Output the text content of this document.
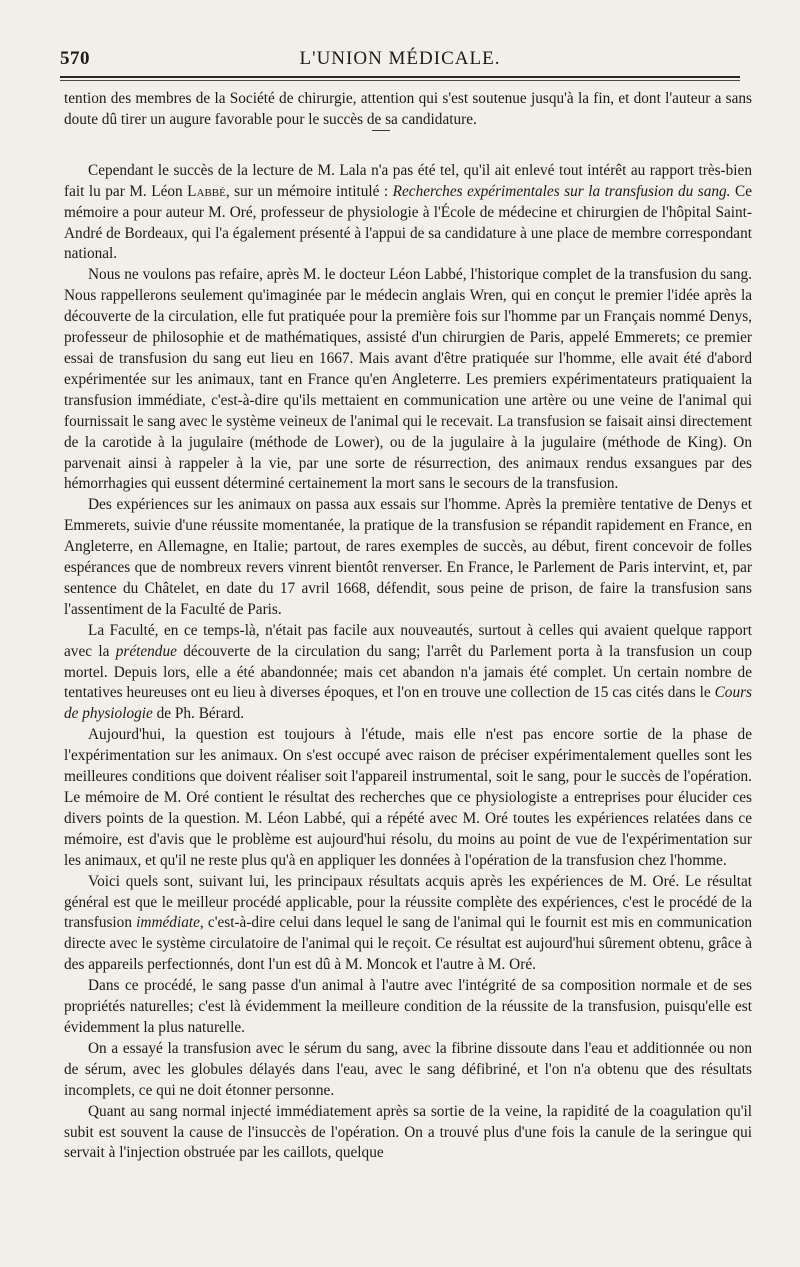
570	L'UNION MÉDICALE.

tention des membres de la Société de chirurgie, attention qui s'est soutenue jusqu'à la fin, et dont l'auteur a sans doute dû tirer un augure favorable pour le succès de sa candidature.

Cependant le succès de la lecture de M. Lala n'a pas été tel, qu'il ait enlevé tout intérêt au rapport très-bien fait lu par M. Léon Labbé, sur un mémoire intitulé : Recherches expérimentales sur la transfusion du sang. Ce mémoire a pour auteur M. Oré, professeur de physiologie à l'École de médecine et chirurgien de l'hôpital Saint-André de Bordeaux, qui l'a également présenté à l'appui de sa candidature à une place de membre correspondant national.

Nous ne voulons pas refaire, après M. le docteur Léon Labbé, l'historique complet de la transfusion du sang. Nous rappellerons seulement qu'imaginée par le médecin anglais Wren, qui en conçut le premier l'idée après la découverte de la circulation, elle fut pratiquée pour la première fois sur l'homme par un Français nommé Denys, professeur de philosophie et de mathématiques, assisté d'un chirurgien de Paris, appelé Emmerets; ce premier essai de transfusion du sang eut lieu en 1667. Mais avant d'être pratiquée sur l'homme, elle avait été d'abord expérimentée sur les animaux, tant en France qu'en Angleterre. Les premiers expérimentateurs pratiquaient la transfusion immédiate, c'est-à-dire qu'ils mettaient en communication une artère ou une veine de l'animal qui fournissait le sang avec le système veineux de l'animal qui le recevait. La transfusion se faisait ainsi directement de la carotide à la jugulaire (méthode de Lower), ou de la jugulaire à la jugulaire (méthode de King). On parvenait ainsi à rappeler à la vie, par une sorte de résurrection, des animaux rendus exsangues par des hémorrhagies qui eussent déterminé certainement la mort sans le secours de la transfusion.

Des expériences sur les animaux on passa aux essais sur l'homme. Après la première tentative de Denys et Emmerets, suivie d'une réussite momentanée, la pratique de la transfusion se répandit rapidement en France, en Angleterre, en Allemagne, en Italie; partout, de rares exemples de succès, au début, firent concevoir de folles espérances que de nombreux revers vinrent bientôt renverser. En France, le Parlement de Paris intervint, et, par sentence du Châtelet, en date du 17 avril 1668, défendit, sous peine de prison, de faire la transfusion sans l'assentiment de la Faculté de Paris.

La Faculté, en ce temps-là, n'était pas facile aux nouveautés, surtout à celles qui avaient quelque rapport avec la prétendue découverte de la circulation du sang; l'arrêt du Parlement porta à la transfusion un coup mortel. Depuis lors, elle a été abandonnée; mais cet abandon n'a jamais été complet. Un certain nombre de tentatives heureuses ont eu lieu à diverses époques, et l'on en trouve une collection de 15 cas cités dans le Cours de physiologie de Ph. Bérard.

Aujourd'hui, la question est toujours à l'étude, mais elle n'est pas encore sortie de la phase de l'expérimentation sur les animaux. On s'est occupé avec raison de préciser expérimentalement quelles sont les meilleures conditions que doivent réaliser soit l'appareil instrumental, soit le sang, pour le succès de l'opération. Le mémoire de M. Oré contient le résultat des recherches que ce physiologiste a entreprises pour élucider ces divers points de la question. M. Léon Labbé, qui a répété avec M. Oré toutes les expériences relatées dans ce mémoire, est d'avis que le problème est aujourd'hui résolu, du moins au point de vue de l'expérimentation sur les animaux, et qu'il ne reste plus qu'à en appliquer les données à l'opération de la transfusion chez l'homme.

Voici quels sont, suivant lui, les principaux résultats acquis après les expériences de M. Oré. Le résultat général est que le meilleur procédé applicable, pour la réussite complète des expériences, c'est le procédé de la transfusion immédiate, c'est-à-dire celui dans lequel le sang de l'animal qui le fournit est mis en communication directe avec le système circulatoire de l'animal qui le reçoit. Ce résultat est aujourd'hui sûrement obtenu, grâce à des appareils perfectionnés, dont l'un est dû à M. Moncok et l'autre à M. Oré.

Dans ce procédé, le sang passe d'un animal à l'autre avec l'intégrité de sa composition normale et de ses propriétés naturelles; c'est là évidemment la meilleure condition de la réussite de la transfusion, puisqu'elle est évidemment la plus naturelle.

On a essayé la transfusion avec le sérum du sang, avec la fibrine dissoute dans l'eau et additionnée ou non de sérum, avec les globules délayés dans l'eau, avec le sang défibriné, et l'on n'a obtenu que des résultats incomplets, ce qui ne doit étonner personne.

Quant au sang normal injecté immédiatement après sa sortie de la veine, la rapidité de la coagulation qu'il subit est souvent la cause de l'insuccès de l'opération. On a trouvé plus d'une fois la canule de la seringue qui servait à l'injection obstruée par les caillots, quelque
